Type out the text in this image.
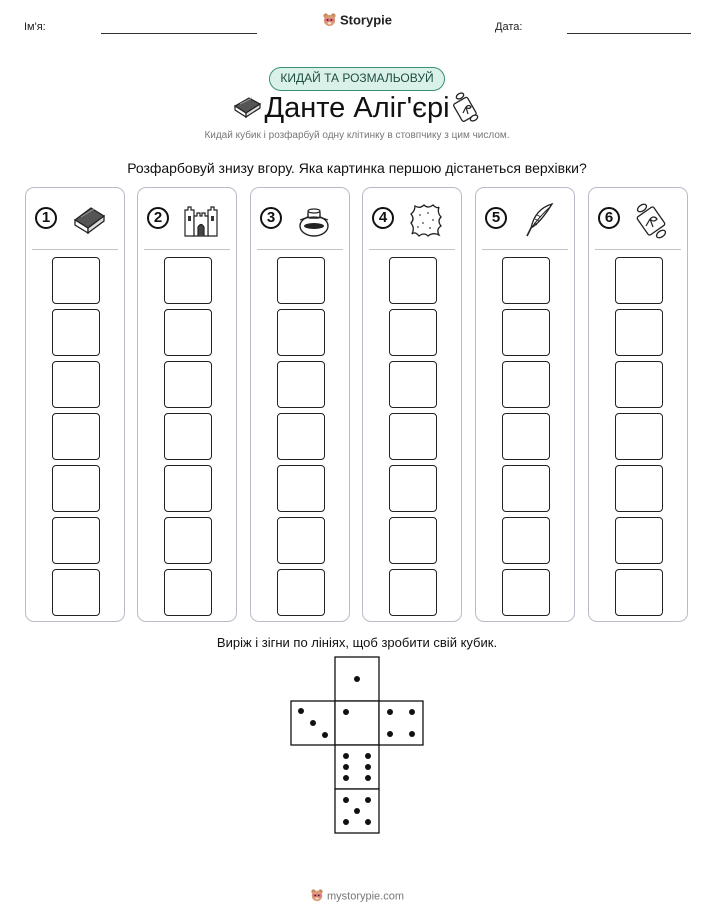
Ім'я:	Storypie	Дата:
КИДАЙ ТА РОЗМАЛЬОВУЙ
Данте Аліг'єрі
Кидай кубик і розфарбуй одну клітинку в стовпчику з цим числом.
Розфарбовуй знизу вгору. Яка картинка першою дістанеться верхівки?
1	2	3	4	5	6
Виріж і зігни по лініях, щоб зробити свій кубик.
mystorypie.com
